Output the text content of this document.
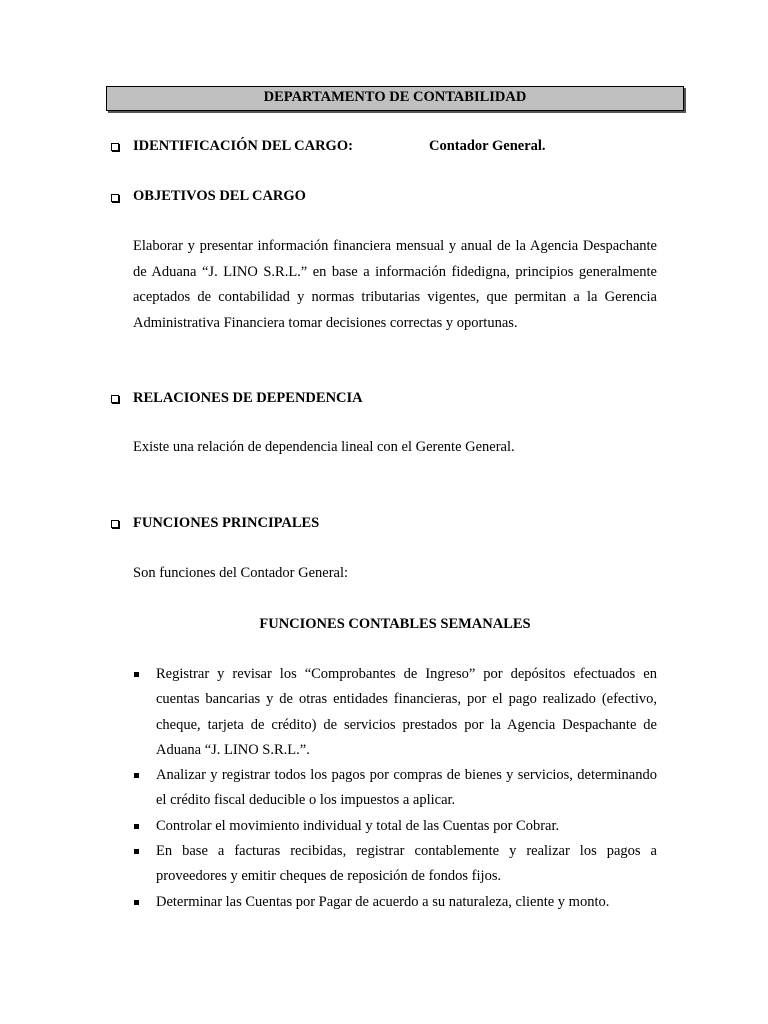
DEPARTAMENTO DE CONTABILIDAD
IDENTIFICACIÓN DEL CARGO:	Contador General.
OBJETIVOS DEL CARGO
Elaborar y presentar información financiera mensual y anual de la Agencia Despachante de Aduana “J. LINO S.R.L.” en base a información fidedigna, principios generalmente aceptados de contabilidad y normas tributarias vigentes, que permitan a la Gerencia Administrativa Financiera tomar decisiones correctas y oportunas.
RELACIONES DE DEPENDENCIA
Existe una relación de dependencia lineal con el Gerente General.
FUNCIONES PRINCIPALES
Son funciones del Contador General:
FUNCIONES CONTABLES SEMANALES
Registrar y revisar los “Comprobantes de Ingreso” por depósitos efectuados en cuentas bancarias y de otras entidades financieras, por el pago realizado (efectivo, cheque, tarjeta de crédito) de servicios prestados por la Agencia Despachante de Aduana “J. LINO S.R.L.”.
Analizar y registrar todos los pagos por compras de bienes y servicios, determinando el crédito fiscal deducible o los impuestos a aplicar.
Controlar el movimiento individual y total de las Cuentas por Cobrar.
En base a facturas recibidas, registrar contablemente y realizar los pagos a proveedores y emitir cheques de reposición de fondos fijos.
Determinar las Cuentas por Pagar de acuerdo a su naturaleza, cliente y monto.
